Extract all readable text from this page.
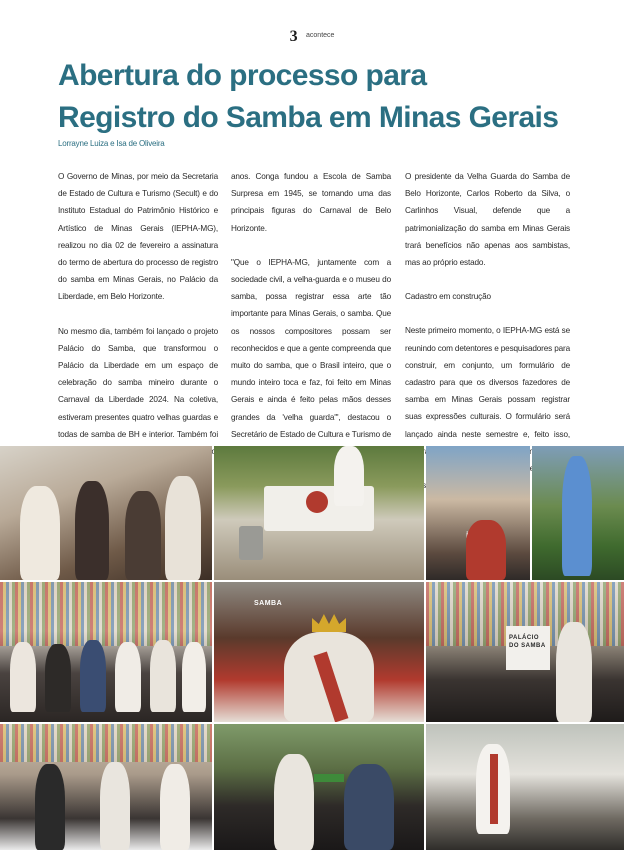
3 $^{acontece}$
Abertura do processo para
Registro do Samba em Minas Gerais
Lorrayne Luiza e Isa de Oliveira

O Governo de Minas, por meio da Secretaria de Estado de Cultura e Turismo (Secult) e do Instituto Estadual do Patrimônio Histórico e Artístico de Minas Gerais (IEPHA-MG), realizou no dia 02 de fevereiro a assinatura do termo de abertura do processo de registro do samba em Minas Gerais, no Palácio da Liberdade, em Belo Horizonte.

No mesmo dia, também foi lançado o projeto Palácio do Samba, que transformou o Palácio da Liberdade em um espaço de celebração do samba mineiro durante o Carnaval da Liberdade 2024. Na coletiva, estiveram presentes quatro velhas guardas e todas de samba de BH e interior. Também foi

anos. Conga fundou a Escola de Samba Surpresa em 1945, se tornando uma das principais figuras do Carnaval de Belo Horizonte.

"Que o IEPHA-MG, juntamente com a sociedade civil, a velha-guarda e o museu do samba, possa registrar essa arte tão importante para Minas Gerais, o samba. Que os nossos compositores possam ser reconhecidos e que a gente compreenda que muito do samba, que o Brasil inteiro, que o mundo inteiro toca e faz, foi feito em Minas Gerais e ainda é feito pelas mãos desses grandes da 'velha guarda'", destacou o Secretário de Estado de Cultura e Turismo de

O presidente da Velha Guarda do Samba de Belo Horizonte, Carlos Roberto da Silva, o Carlinhos Visual, defende que a patrimonialização do samba em Minas Gerais trará benefícios não apenas aos sambistas, mas ao próprio estado.

Cadastro em construção

Neste primeiro momento, o IEPHA-MG está se reunindo com detentores e pesquisadores para construir, em conjunto, um formulário de cadastro para que os diversos fazedores de samba em Minas Gerais possam registrar suas expressões culturais. O formulário será lançado ainda neste semestre e, feito isso,

SAMBA
PALÁCIO DO SAMBA
